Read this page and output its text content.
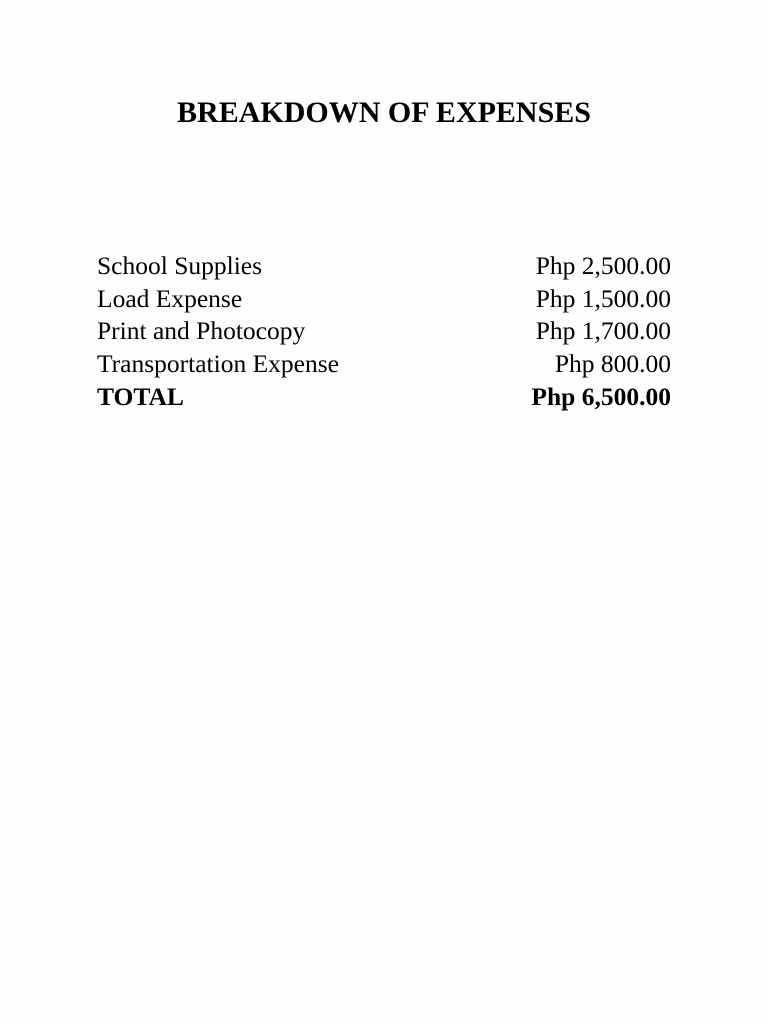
BREAKDOWN OF EXPENSES
School Supplies	Php 2,500.00
Load Expense	Php 1,500.00
Print and Photocopy	Php 1,700.00
Transportation Expense	Php 800.00
TOTAL	Php 6,500.00
